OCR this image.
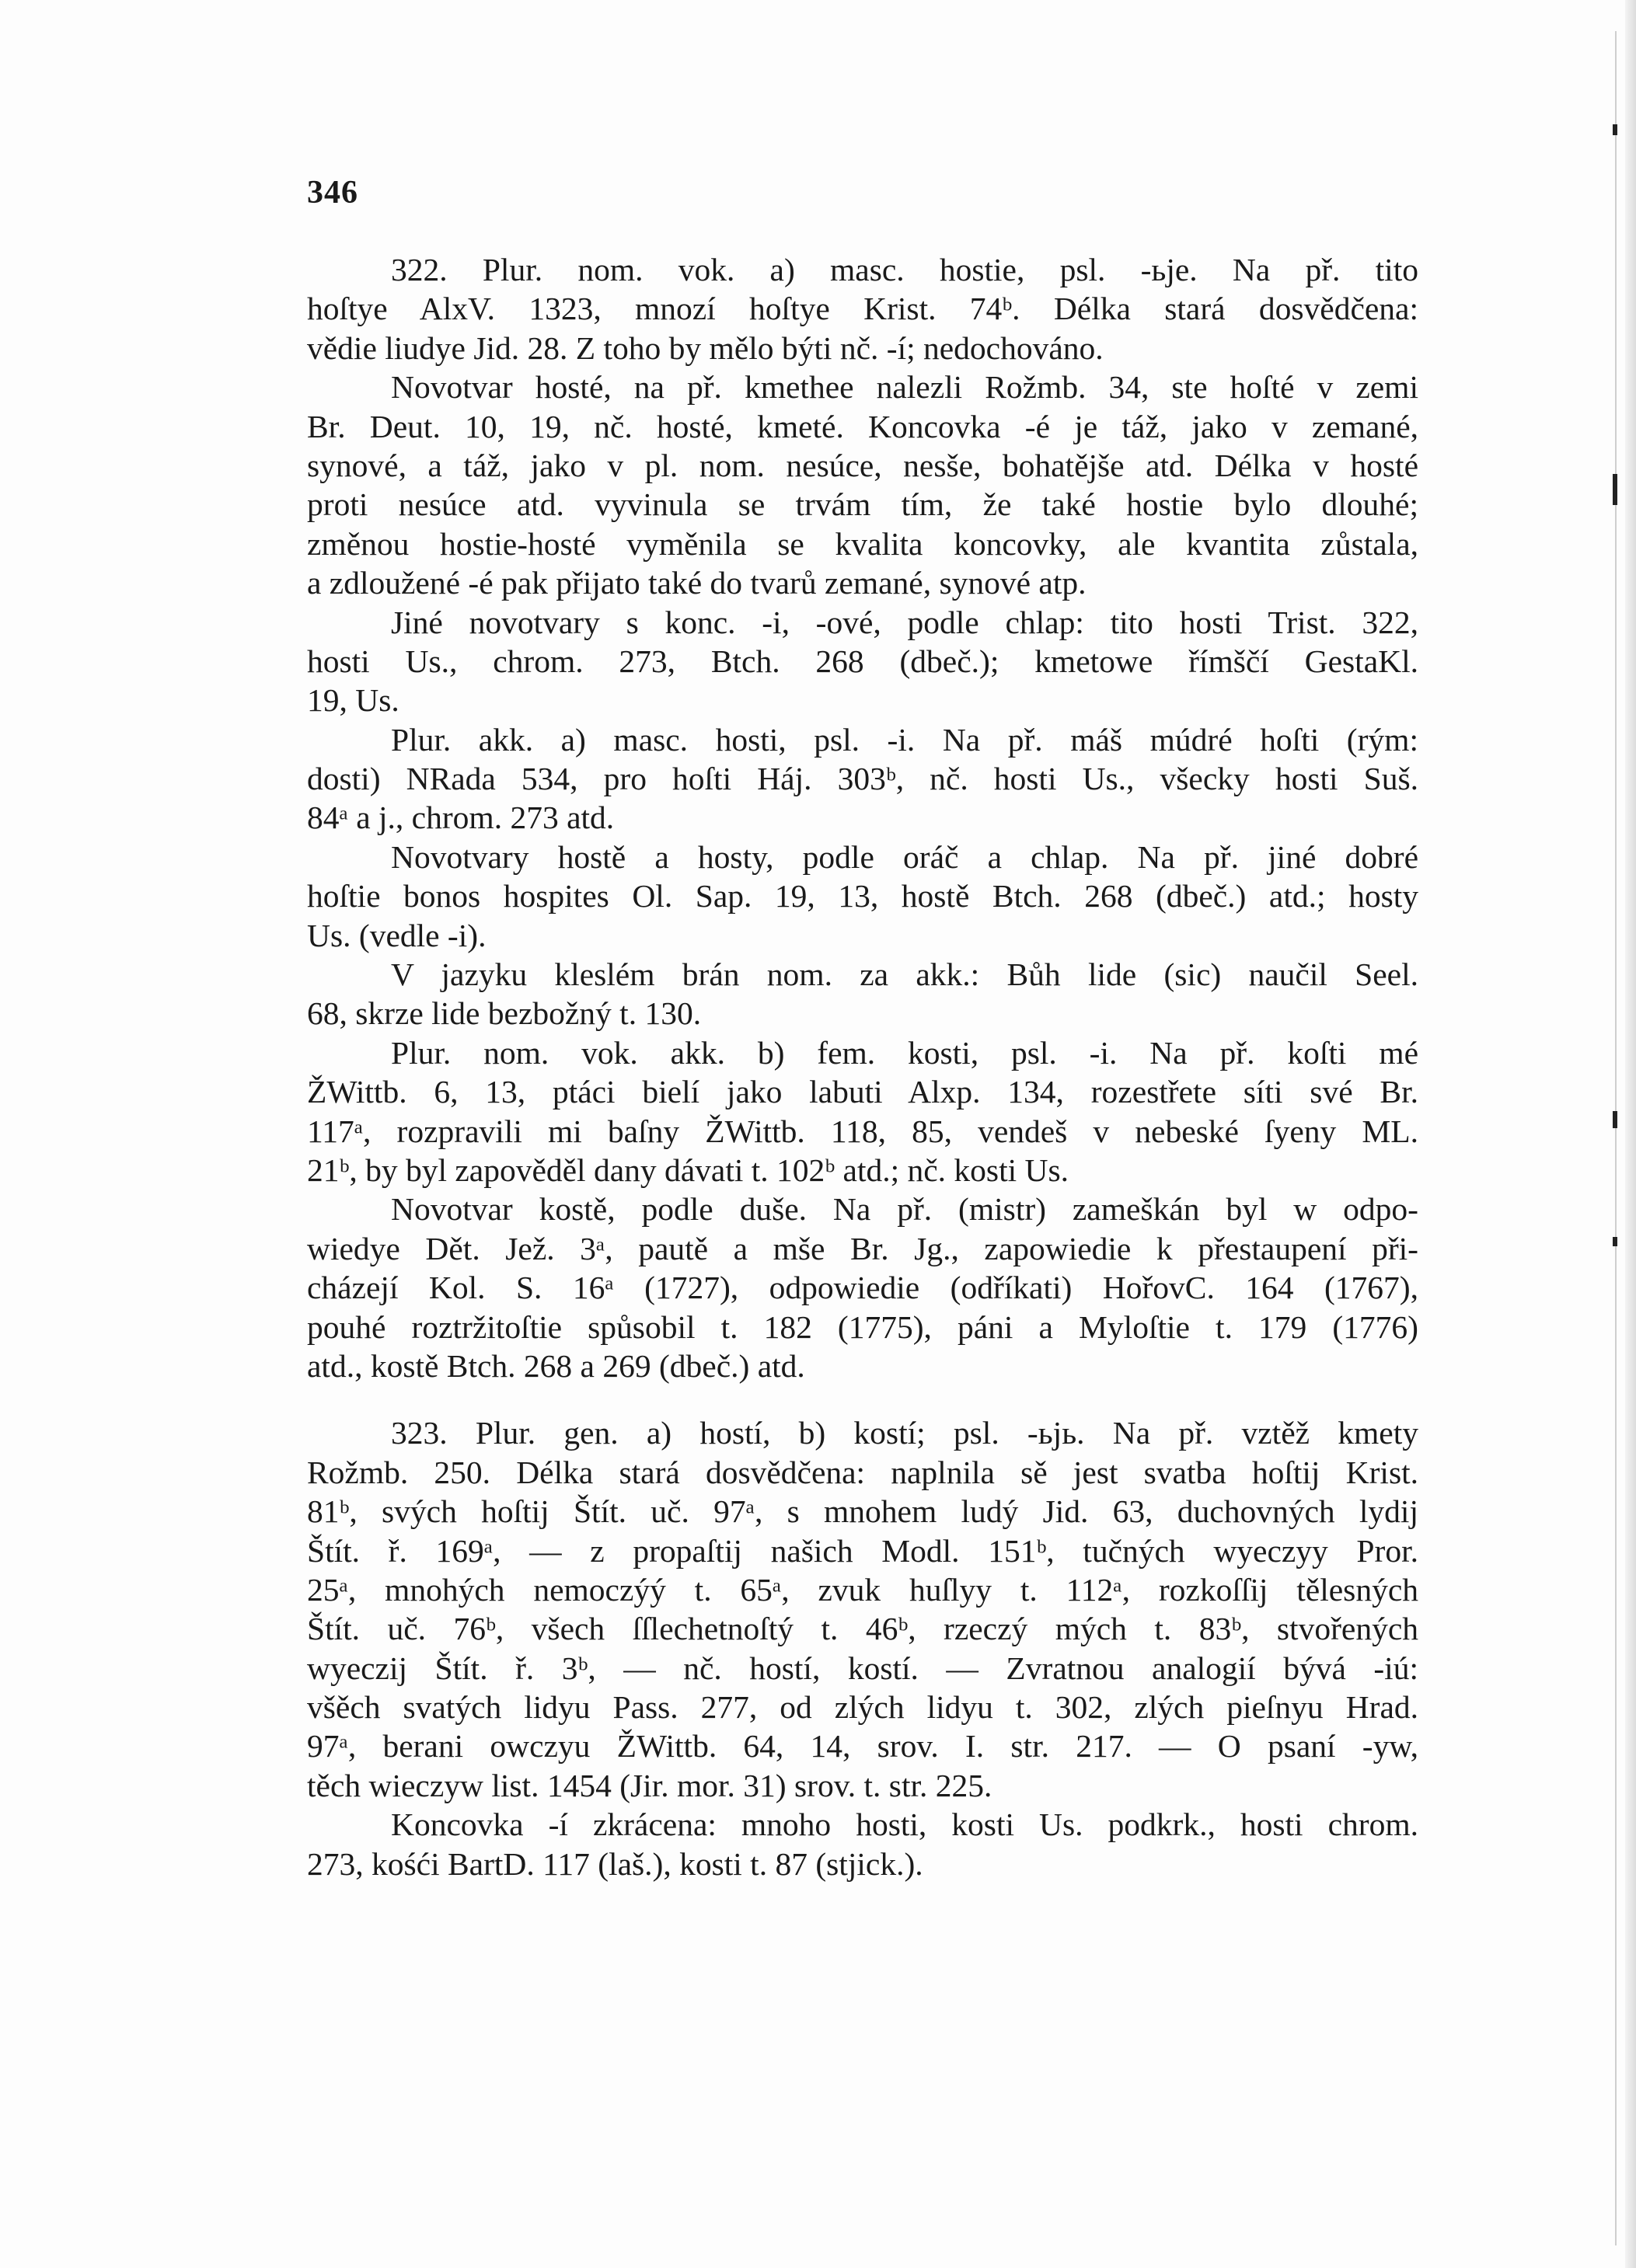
346
322. Plur. nom. vok. a) masc. hostie, psl. -ьje. Na př. tito
hoſtye AlxV. 1323, mnozí hoſtye Krist. 74ᵇ. Délka stará dosvědčena:
vědie liudye Jid. 28. Z toho by mělo býti nč. -í; nedochováno.
Novotvar hosté, na př. kmethee nalezli Rožmb. 34, ste hoſté v zemi
Br. Deut. 10, 19, nč. hosté, kmeté. Koncovka -é je táž, jako v zemané,
synové, a táž, jako v pl. nom. nesúce, nesše, bohatějše atd. Délka v hosté
proti nesúce atd. vyvinula se trvám tím, že také hostie bylo dlouhé;
změnou hostie-hosté vyměnila se kvalita koncovky, ale kvantita zůstala,
a zdloužené -é pak přijato také do tvarů zemané, synové atp.
Jiné novotvary s konc. -i, -ové, podle chlap: tito hosti Trist. 322,
hosti Us., chrom. 273, Btch. 268 (dbeč.); kmetowe římščí GestaKl.
19, Us.
Plur. akk. a) masc. hosti, psl. -i. Na př. máš múdré hoſti (rým:
dosti) NRada 534, pro hoſti Háj. 303ᵇ, nč. hosti Us., všecky hosti Suš.
84ᵃ a j., chrom. 273 atd.
Novotvary hostě a hosty, podle oráč a chlap. Na př. jiné dobré
hoſtie bonos hospites Ol. Sap. 19, 13, hostě Btch. 268 (dbeč.) atd.; hosty
Us. (vedle -i).
V jazyku kleslém brán nom. za akk.: Bůh lide (sic) naučil Seel.
68, skrze lide bezbožný t. 130.
Plur. nom. vok. akk. b) fem. kosti, psl. -i. Na př. koſti mé
ŽWittb. 6, 13, ptáci bielí jako labuti Alxp. 134, rozestřete síti své Br.
117ᵃ, rozpravili mi baſny ŽWittb. 118, 85, vendeš v nebeské ſyeny ML.
21ᵇ, by byl zapověděl dany dávati t. 102ᵇ atd.; nč. kosti Us.
Novotvar kostě, podle duše. Na př. (mistr) zameškán byl w odpo-
wiedye Dět. Jež. 3ᵃ, pautě a mše Br. Jg., zapowiedie k přestaupení při-
cházejí Kol. S. 16ᵃ (1727), odpowiedie (odříkati) HořovC. 164 (1767),
pouhé roztržitoſtie spůsobil t. 182 (1775), páni a Myloſtie t. 179 (1776)
atd., kostě Btch. 268 a 269 (dbeč.) atd.
323. Plur. gen. a) hostí, b) kostí; psl. -ьjь. Na př. vztěž kmety
Rožmb. 250. Délka stará dosvědčena: naplnila sě jest svatba hoſtij Krist.
81ᵇ, svých hoſtij Štít. uč. 97ᵃ, s mnohem ludý Jid. 63, duchovných lydij
Štít. ř. 169ᵃ, — z propaſtij našich Modl. 151ᵇ, tučných wyeczyy Pror.
25ᵃ, mnohých nemoczýý t. 65ᵃ, zvuk huſlyy t. 112ᵃ, rozkoſſij tělesných
Štít. uč. 76ᵇ, všech ſſlechetnoſtý t. 46ᵇ, rzeczý mých t. 83ᵇ, stvořených
wyeczij Štít. ř. 3ᵇ, — nč. hostí, kostí. — Zvratnou analogií bývá -iú:
všěch svatých lidyu Pass. 277, od zlých lidyu t. 302, zlých pieſnyu Hrad.
97ᵃ, berani owczyu ŽWittb. 64, 14, srov. I. str. 217. — O psaní -yw,
těch wieczyw list. 1454 (Jir. mor. 31) srov. t. str. 225.
Koncovka -í zkrácena: mnoho hosti, kosti Us. podkrk., hosti chrom.
273, kośći BartD. 117 (laš.), kosti t. 87 (stjick.).
